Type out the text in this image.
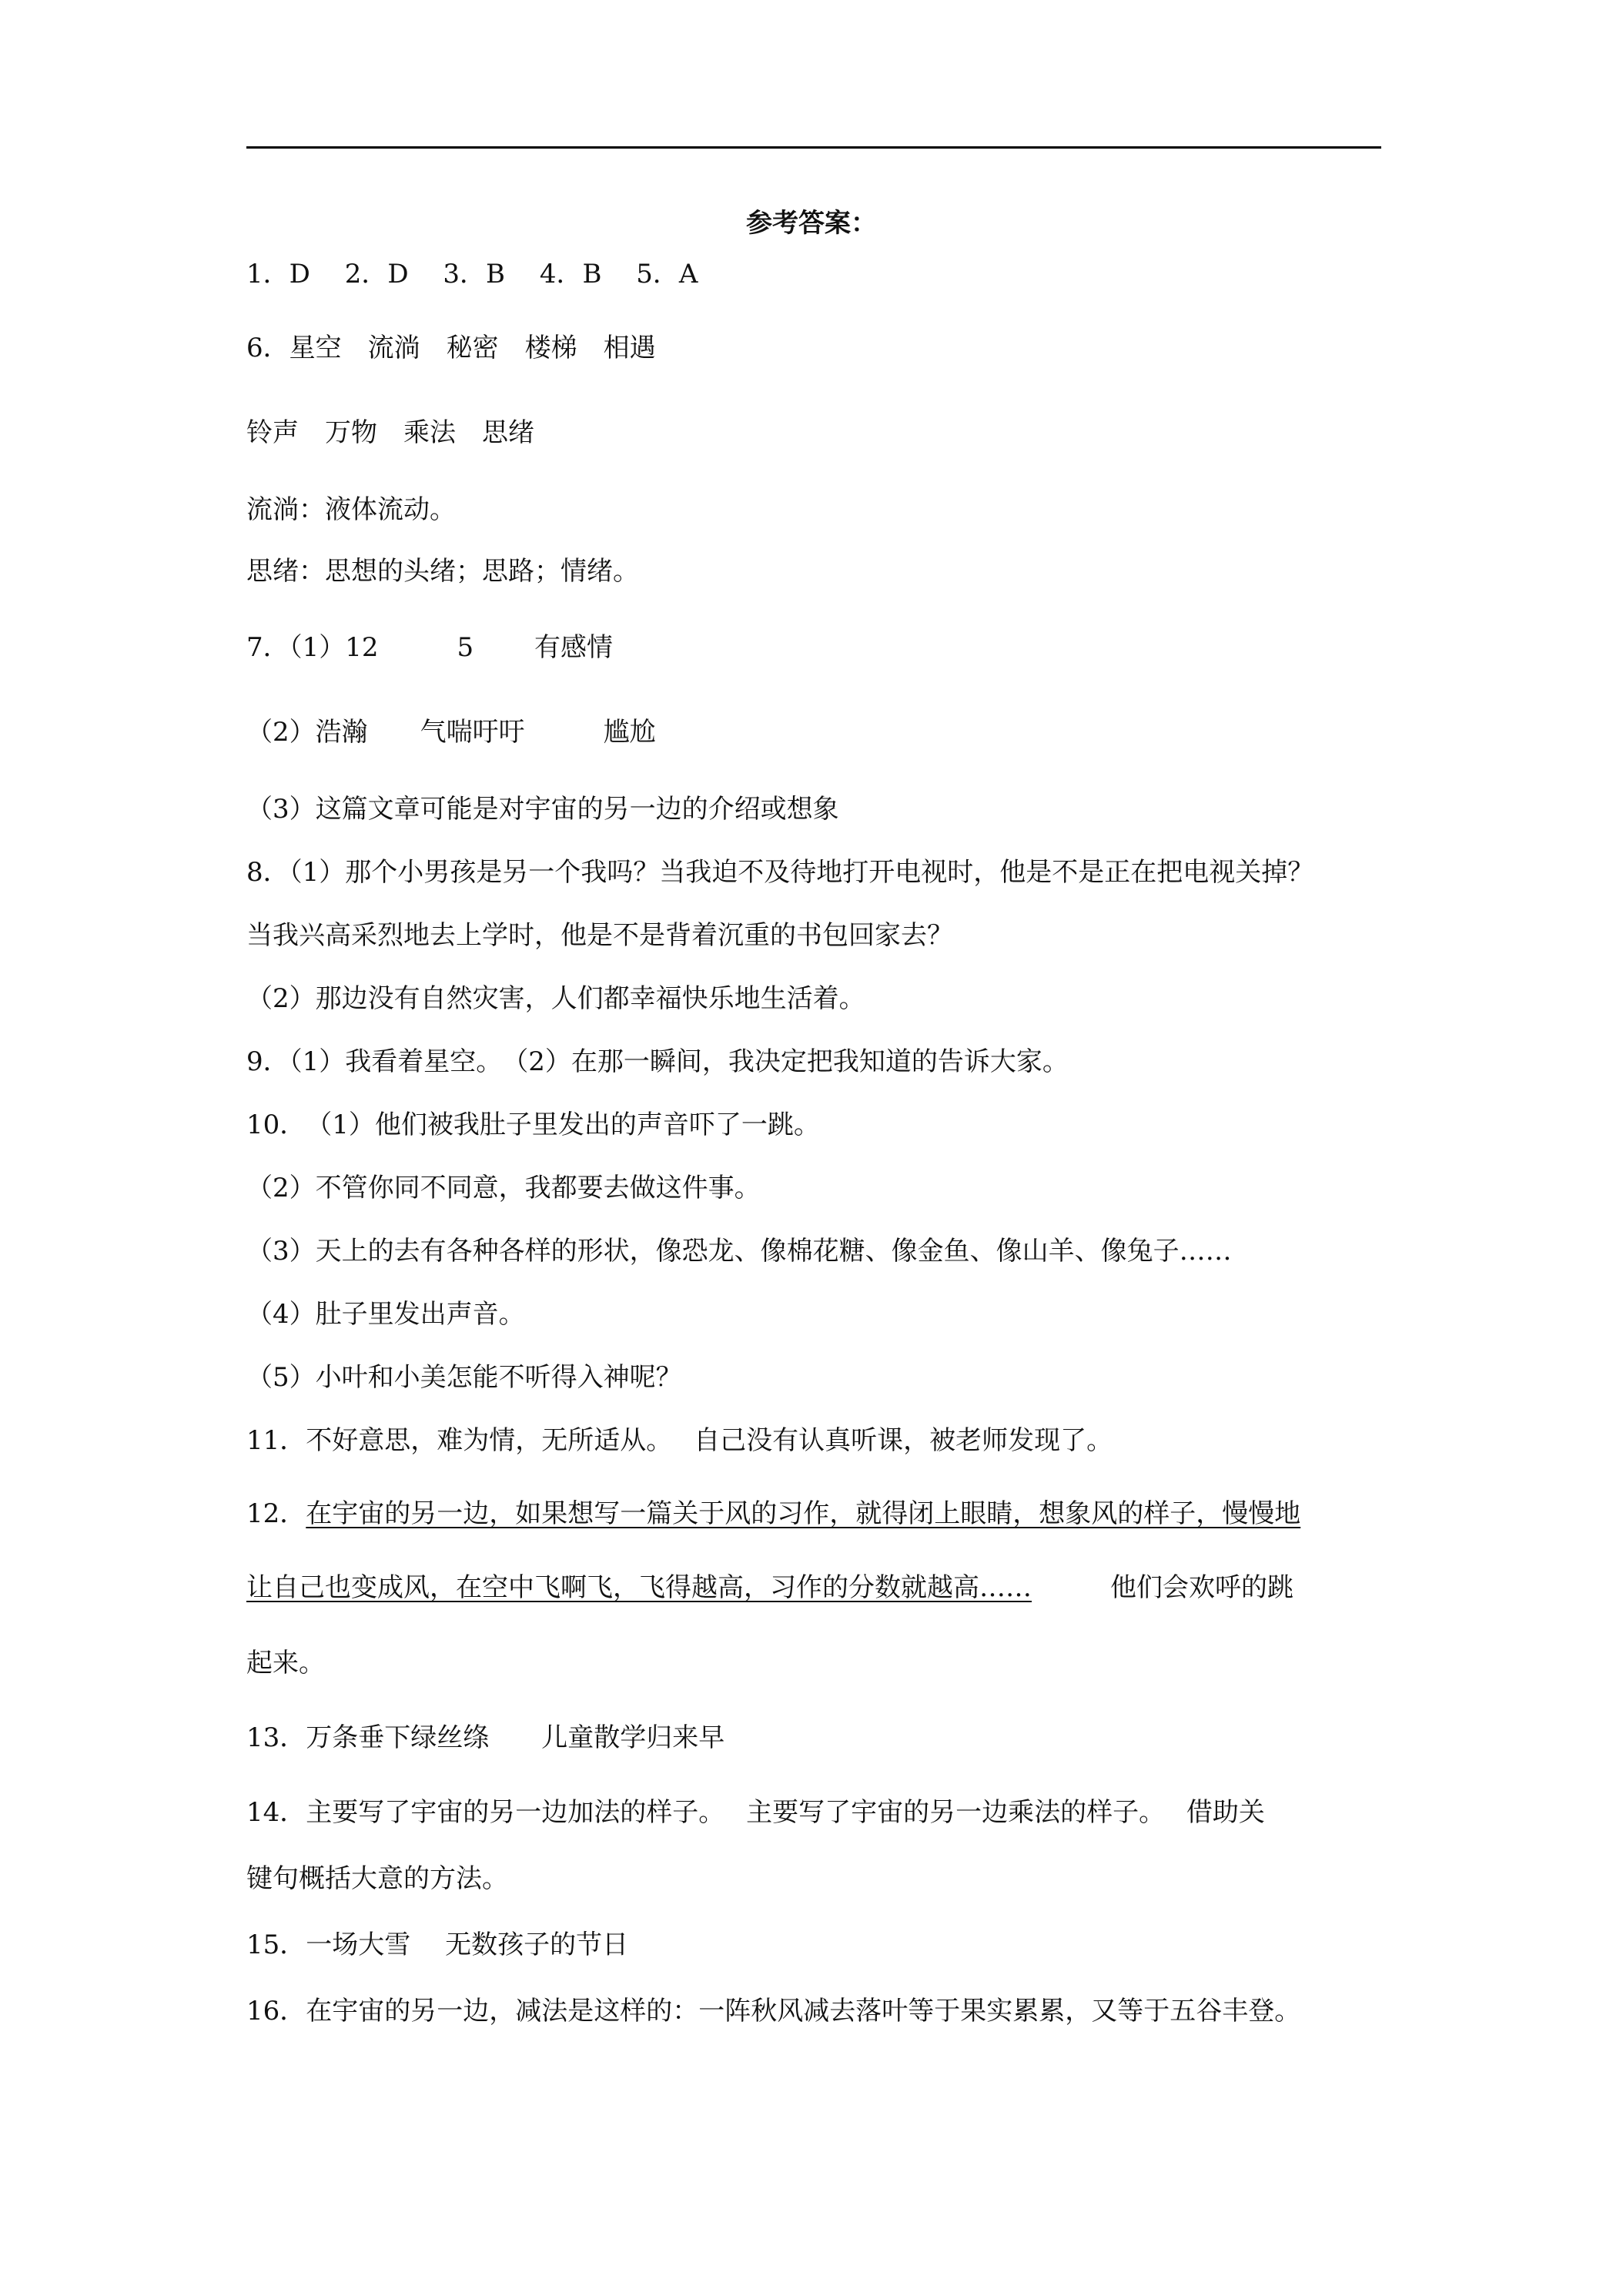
参考答案：
1．D　 2．D　 3．B　 4．B　 5．A
6．星空　流淌　秘密　楼梯　相遇
铃声　万物　乘法　思绪
流淌：液体流动。
思绪：思想的头绪；思路；情绪。
7．（1）12　　　5　　 有感情
（2）浩瀚　　气喘吁吁　　　尴尬
（3）这篇文章可能是对宇宙的另一边的介绍或想象
8．（1）那个小男孩是另一个我吗？当我迫不及待地打开电视时，他是不是正在把电视关掉？
当我兴高采烈地去上学时，他是不是背着沉重的书包回家去？
（2）那边没有自然灾害，人们都幸福快乐地生活着。
9．（1）我看着星空。　（2）在那一瞬间，我决定把我知道的告诉大家。
10．　（1）他们被我肚子里发出的声音吓了一跳。
（2）不管你同不同意，我都要去做这件事。
（3）天上的去有各种各样的形状，像恐龙、像棉花糖、像金鱼、像山羊、像兔子……
（4）肚子里发出声音。
（5）小叶和小美怎能不听得入神呢？
11．不好意思，难为情，无所适从。　 自己没有认真听课，被老师发现了。
12．在宇宙的另一边，如果想写一篇关于风的习作，就得闭上眼睛，想象风的样子，慢慢地
让自己也变成风，在空中飞啊飞，飞得越高，习作的分数就越高……　　　他们会欢呼的跳
起来。
13．万条垂下绿丝绦　　儿童散学归来早
14．主要写了宇宙的另一边加法的样子。　 主要写了宇宙的另一边乘法的样子。　 借助关
键句概括大意的方法。
15．一场大雪　 无数孩子的节日
16．在宇宙的另一边，减法是这样的：一阵秋风减去落叶等于果实累累，又等于五谷丰登。
